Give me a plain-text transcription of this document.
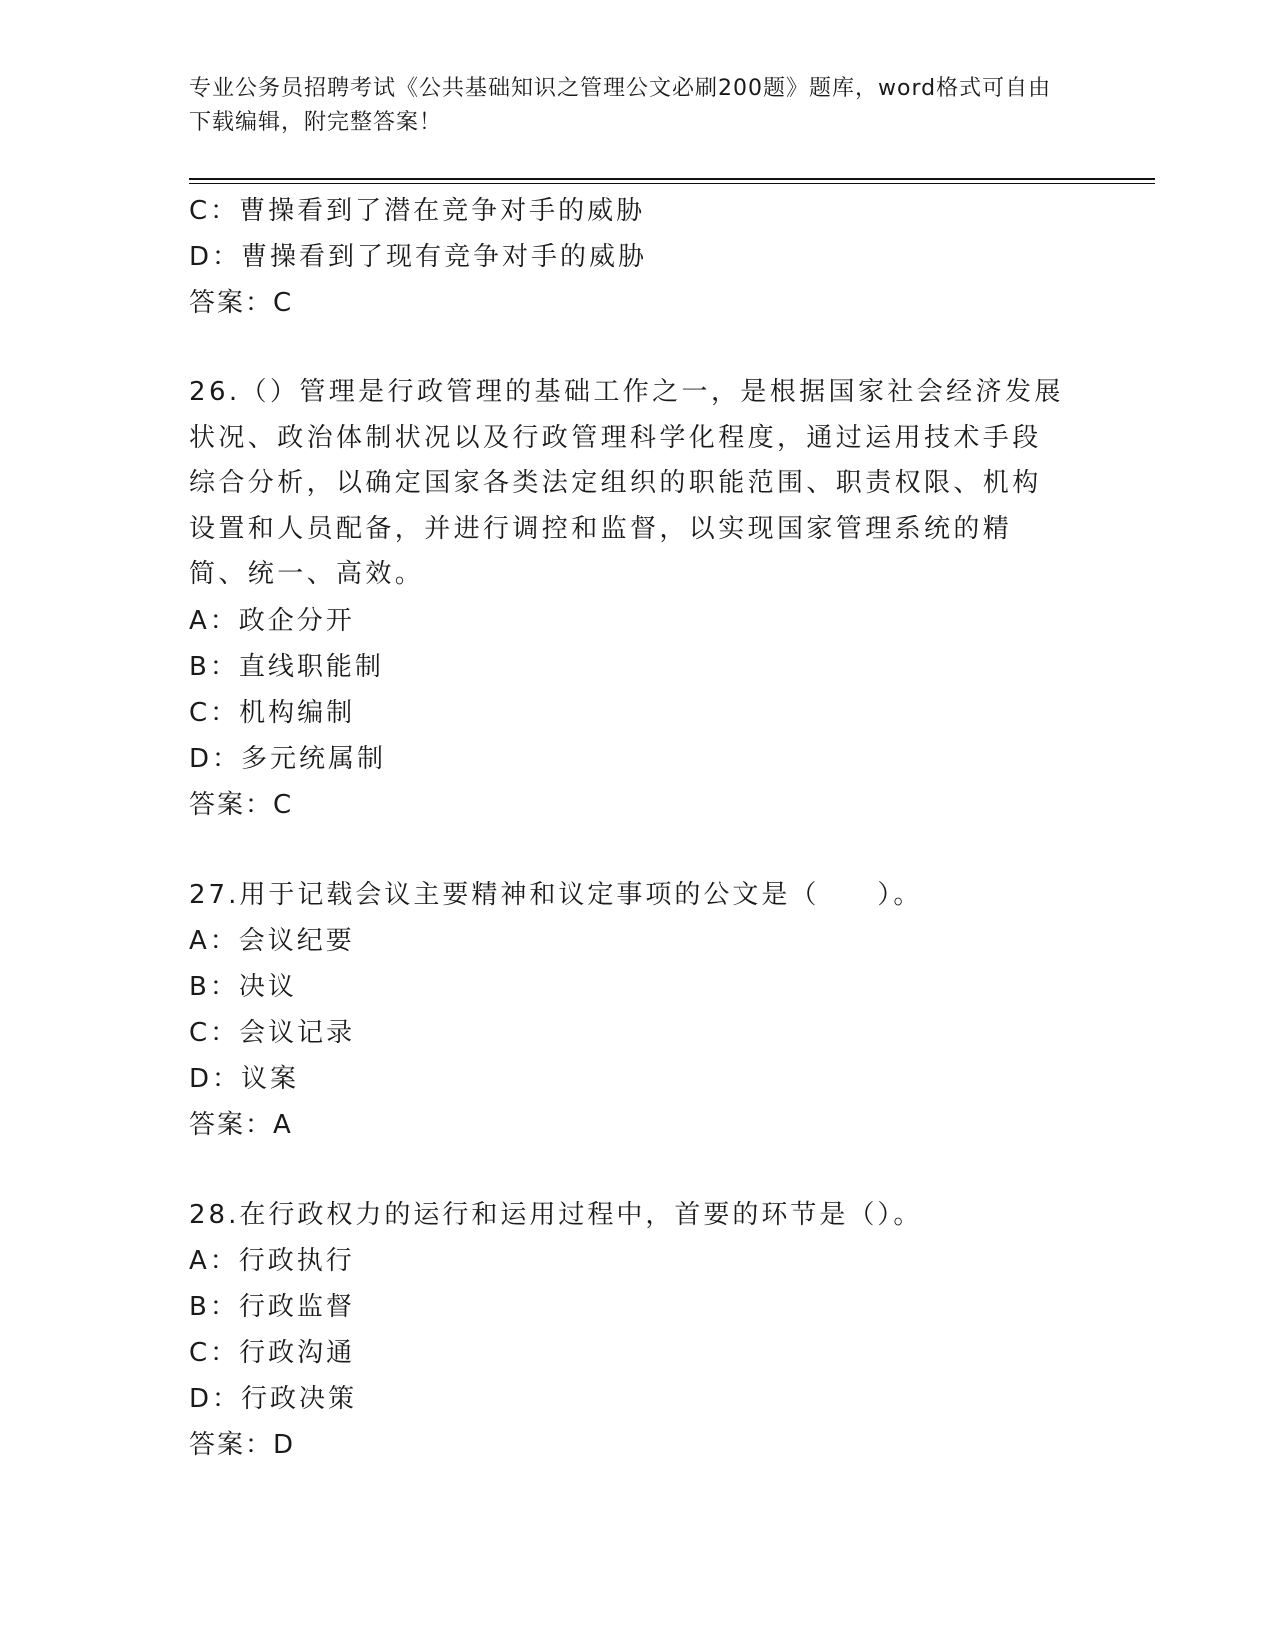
专业公务员招聘考试《公共基础知识之管理公文必刷200题》题库，word格式可自由下载编辑，附完整答案！
C：曹操看到了潜在竞争对手的威胁
D：曹操看到了现有竞争对手的威胁
答案：C
26.（）管理是行政管理的基础工作之一，是根据国家社会经济发展状况、政治体制状况以及行政管理科学化程度，通过运用技术手段综合分析，以确定国家各类法定组织的职能范围、职责权限、机构设置和人员配备，并进行调控和监督，以实现国家管理系统的精简、统一、高效。
A：政企分开
B：直线职能制
C：机构编制
D：多元统属制
答案：C
27.用于记载会议主要精神和议定事项的公文是（　　）。
A：会议纪要
B：决议
C：会议记录
D：议案
答案：A
28.在行政权力的运行和运用过程中，首要的环节是（）。
A：行政执行
B：行政监督
C：行政沟通
D：行政决策
答案：D
